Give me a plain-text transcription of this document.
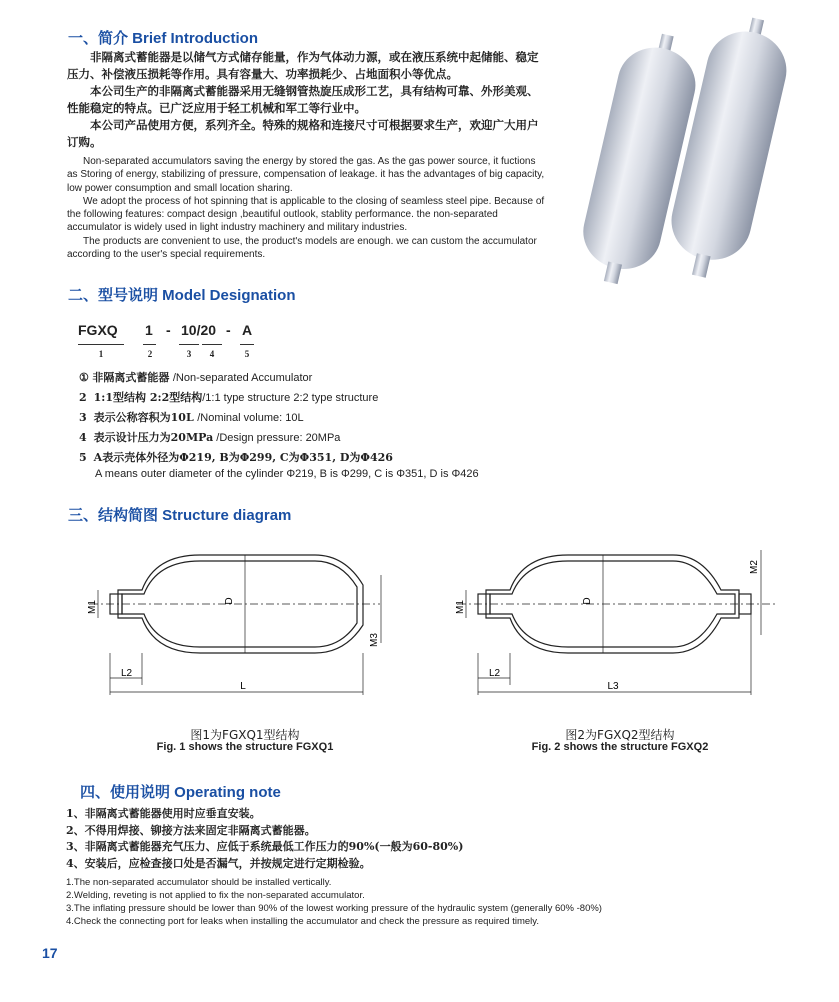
一、简介 Brief Introduction

非隔离式蓄能器是以储气方式储存能量，作为气体动力源，或在液压系统中起储能、稳定压力、补偿液压损耗等作用。具有容量大、功率损耗少、占地面积小等优点。

本公司生产的非隔离式蓄能器采用无缝钢管热旋压成形工艺，具有结构可靠、外形美观、性能稳定的特点。已广泛应用于轻工机械和军工等行业中。

本公司产品使用方便，系列齐全。特殊的规格和连接尺寸可根据要求生产，欢迎广大用户订购。

Non-separated accumulators saving the energy by stored the gas. As the gas power source, it fuctions as Storing of energy, stabilizing of pressure, compensation of leakage. it has the advantages of big capacity, low power consumption and small location sharing.

We adopt the process of hot spinning that is applicable to the closing of seamless steel pipe. Because of the following features: compact design ,beautiful outlook, stablity performance. the non-separated accumulator is widely used in light industry machinery and military industries.

The products are convenient to use, the product's models are enough. we can custom the accumulator according to the user's special requirements.

二、型号说明 Model Designation
FGXQ 1 - 10/20 - A
1	2	3	4	5
① 非隔离式蓄能器 /Non-separated Accumulator
2 1:1型结构 2:2型结构/1:1 type structure 2:2 type structure
3 表示公称容积为10L /Nominal volume: 10L
4 表示设计压力为20MPa /Design pressure: 20MPa
5 A表示壳体外径为Φ219, B为Φ299, C为Φ351, D为Φ426
A means outer diameter of the cylinder Φ219, B is Φ299, C is Φ351, D is Φ426
三、结构简图 Structure diagram
D
M1
M3
L2
L
图1为FGXQ1型结构
Fig. 1 shows the structure FGXQ1
D
M1
M2
L2
L3
图2为FGXQ2型结构
Fig. 2 shows the structure FGXQ2
四、使用说明 Operating note
1、非隔离式蓄能器使用时应垂直安装。
2、不得用焊接、铆接方法来固定非隔离式蓄能器。
3、非隔离式蓄能器充气压力、应低于系统最低工作压力的90%(一般为60-80%)
4、安装后，应检查接口处是否漏气，并按规定进行定期检验。
1.The non-separated accumulator should be installed vertically.
2.Welding, reveting is not applied to fix the non-separated accumulator.
3.The inflating pressure should be lower than 90% of the lowest working pressure of the hydraulic system (generally 60% -80%)
4.Check the connecting port for leaks when installing the accumulator and check the pressure as required timely.
17
